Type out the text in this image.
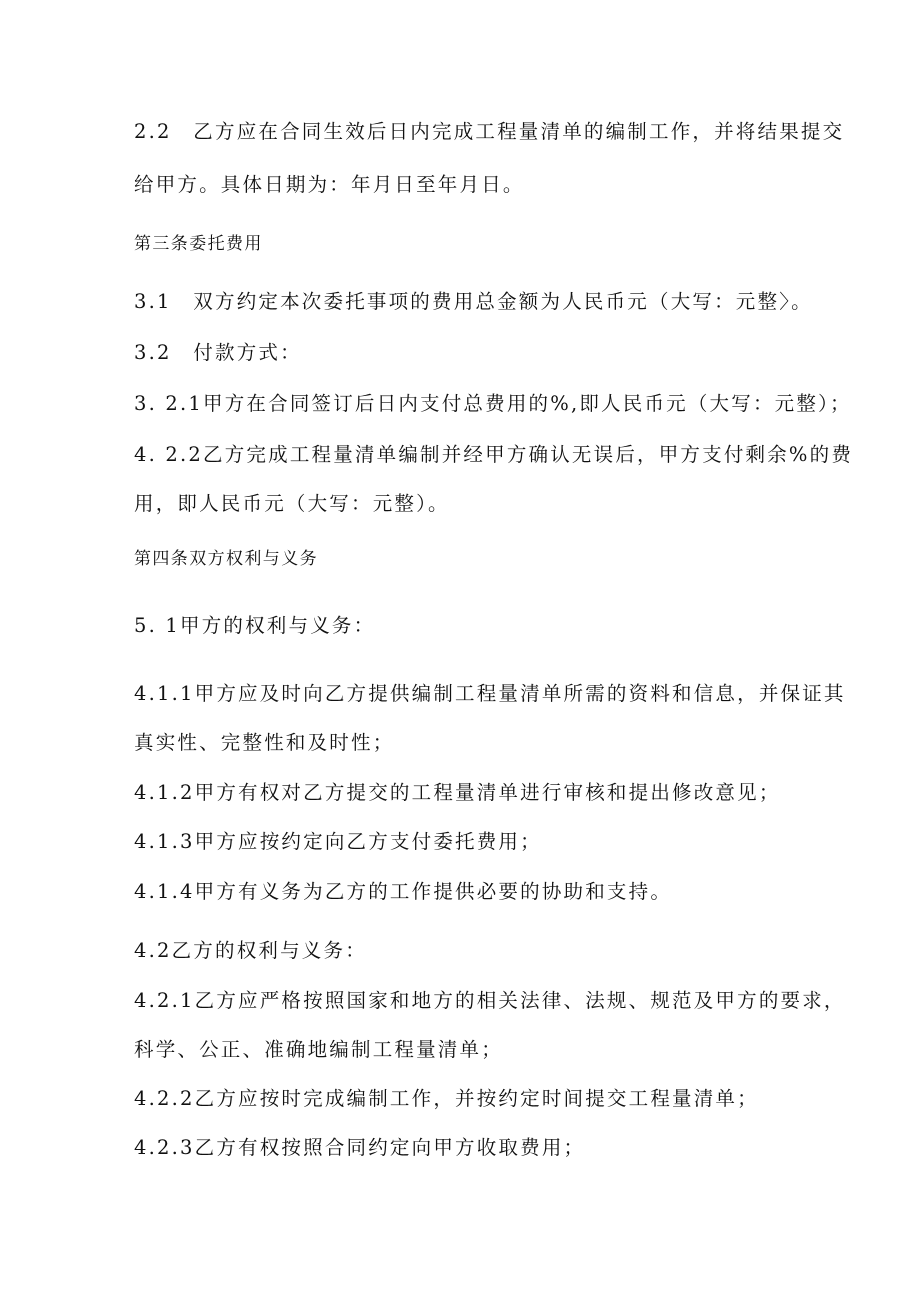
2.2　乙方应在合同生效后日内完成工程量清单的编制工作，并将结果提交
给甲方。具体日期为：年月日至年月日。
第三条委托费用
3.1　双方约定本次委托事项的费用总金额为人民币元（大写：元整〉。
3.2　付款方式：
3. 2.1甲方在合同签订后日内支付总费用的%,即人民币元（大写：元整）；
4. 2.2乙方完成工程量清单编制并经甲方确认无误后，甲方支付剩余%的费
用，即人民币元（大写：元整）。
第四条双方权利与义务
5. 1甲方的权利与义务：
4.1.1甲方应及时向乙方提供编制工程量清单所需的资料和信息，并保证其
真实性、完整性和及时性；
4.1.2甲方有权对乙方提交的工程量清单进行审核和提出修改意见；
4.1.3甲方应按约定向乙方支付委托费用；
4.1.4甲方有义务为乙方的工作提供必要的协助和支持。
4.2乙方的权利与义务：
4.2.1乙方应严格按照国家和地方的相关法律、法规、规范及甲方的要求，
科学、公正、准确地编制工程量清单；
4.2.2乙方应按时完成编制工作，并按约定时间提交工程量清单；
4.2.3乙方有权按照合同约定向甲方收取费用；
